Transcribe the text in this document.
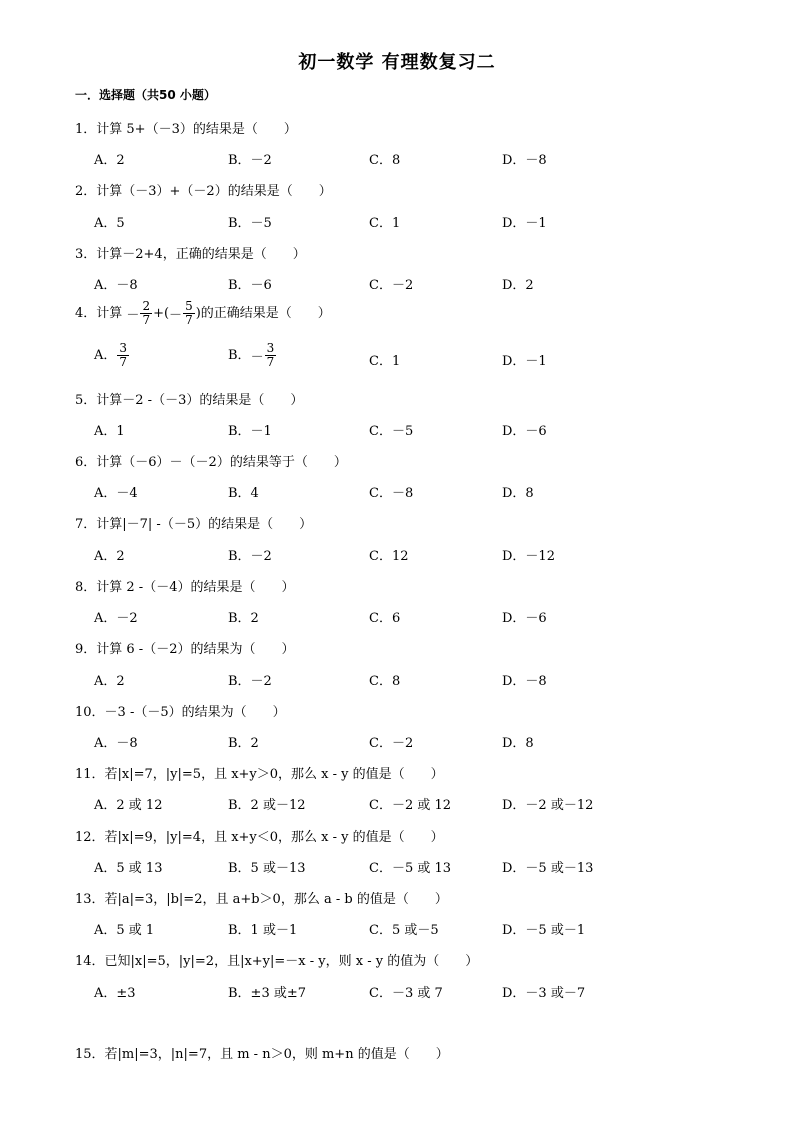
初一数学 有理数复习二
一．选择题（共50 小题）
1．计算 5+（－3）的结果是（　　）
A．2	B．－2	C．8	D．－8
2．计算（－3）+（－2）的结果是（　　）
A．5	B．－5	C．1	D．－1
3．计算－2+4，正确的结果是（　　）
A．－8	B．－6	C．－2	D．2
4．计算 － $\frac{2}{7}$ +(－ $\frac{5}{7}$ )的正确结果是（　　）
A． $\frac{3}{7}$	B．－ $\frac{3}{7}$	C．1	D．－1
5．计算－2 -（－3）的结果是（　　）
A．1	B．－1	C．－5	D．－6
6．计算（－6）－（－2）的结果等于（　　）
A．－4	B．4	C．－8	D．8
7．计算|－7| -（－5）的结果是（　　）
A．2	B．－2	C．12	D．－12
8．计算 2 -（－4）的结果是（　　）
A．－2	B．2	C．6	D．－6
9．计算 6 -（－2）的结果为（　　）
A．2	B．－2	C．8	D．－8
10．－3 -（－5）的结果为（　　）
A．－8	B．2	C．－2	D．8
11．若|x|=7，|y|=5，且 x+y＞0，那么 x - y 的值是（　　）
A．2 或 12	B．2 或－12	C．－2 或 12	D．－2 或－12
12．若|x|=9，|y|=4，且 x+y＜0，那么 x - y 的值是（　　）
A．5 或 13	B．5 或－13	C．－5 或 13	D．－5 或－13
13．若|a|=3，|b|=2，且 a+b＞0，那么 a - b 的值是（　　）
A．5 或 1	B．1 或－1	C．5 或－5	D．－5 或－1
14．已知|x|=5，|y|=2，且|x+y|=－x - y，则 x - y 的值为（　　）
A．±3	B．±3 或±7	C．－3 或 7	D．－3 或－7
15．若|m|=3，|n|=7，且 m - n＞0，则 m+n 的值是（　　）
